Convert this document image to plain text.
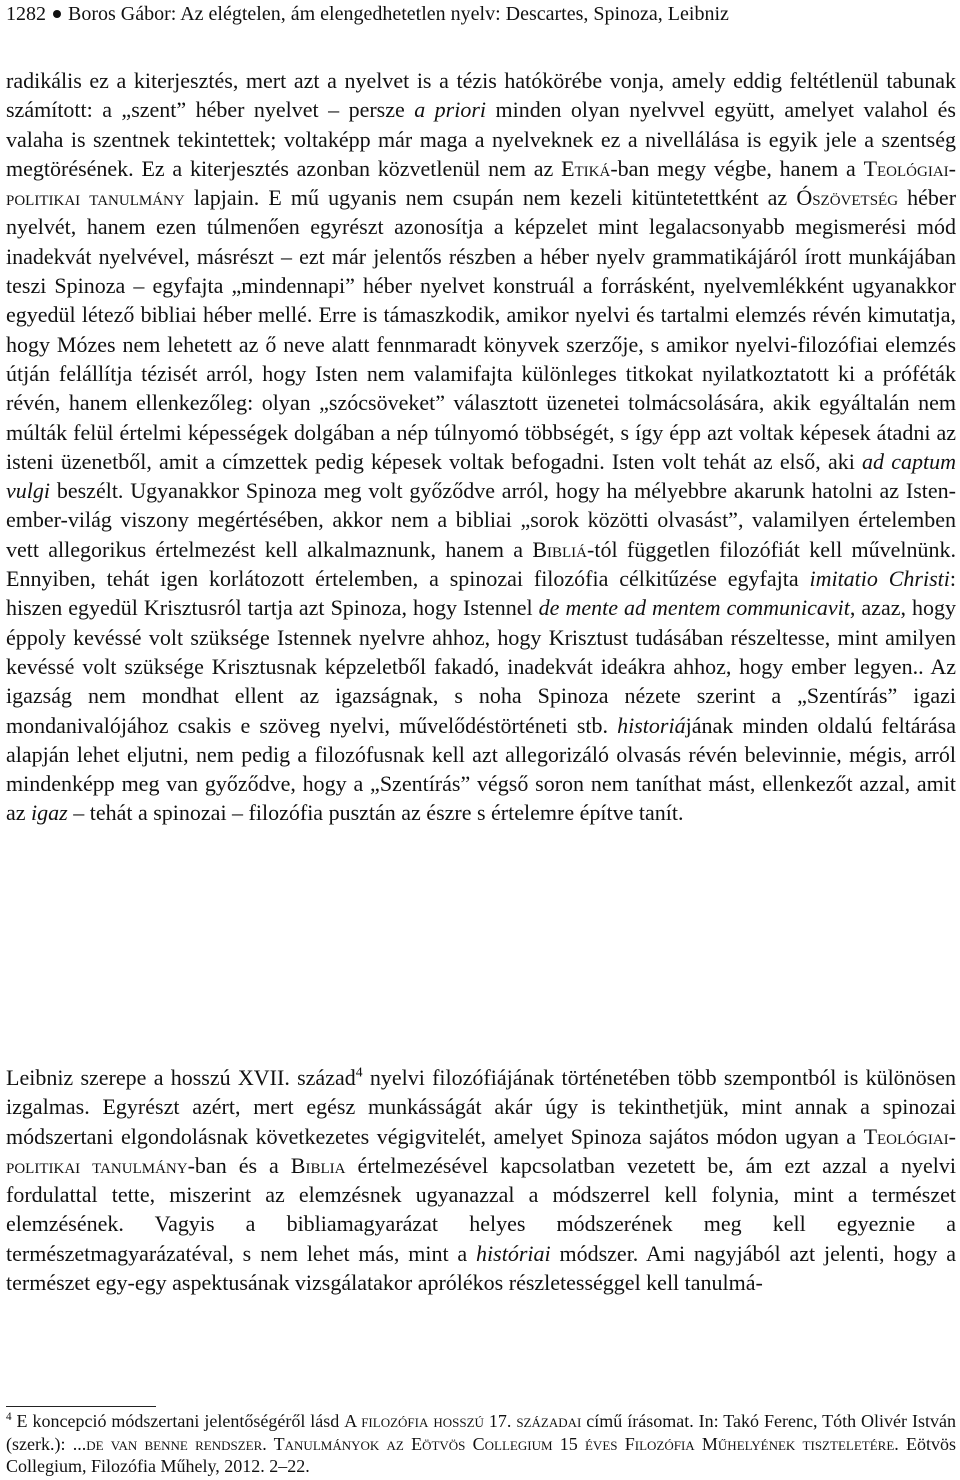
1282 Boros Gábor: Az elégtelen, ám elengedhetetlen nyelv: Descartes, Spinoza, Leibniz
radikális ez a kiterjesztés, mert azt a nyelvet is a tézis hatókörébe vonja, amely eddig feltétlenül tabunak számított: a „szent” héber nyelvet – persze a priori minden olyan nyelvvel együtt, amelyet valahol és valaha is szentnek tekintettek; voltaképp már maga a nyelveknek ez a nivellálása is egyik jele a szentség megtörésének. Ez a kiterjesztés azonban közvetlenül nem az Etiká-ban megy végbe, hanem a Teológiai-politikai tanulmány lapjain. E mű ugyanis nem csupán nem kezeli kitüntetettként az Ószövetség héber nyelvét, hanem ezen túlmenően egyrészt azonosítja a képzelet mint legalacsonyabb megismerési mód inadekvát nyelvével, másrészt – ezt már jelentős részben a héber nyelv grammatikájáról írott munkájában teszi Spinoza – egyfajta „mindennapi” héber nyelvet konstruál a forrásként, nyelvemlékként ugyanakkor egyedül létező bibliai héber mellé. Erre is támaszkodik, amikor nyelvi és tartalmi elemzés révén kimutatja, hogy Mózes nem lehetett az ő neve alatt fennmaradt könyvek szerzője, s amikor nyelvi-filozófiai elemzés útján felállítja tézisét arról, hogy Isten nem valamifajta különleges titkokat nyilatkoztatott ki a próféták révén, hanem ellenkezőleg: olyan „szócsöveket” választott üzenetei tolmácsolására, akik egyáltalán nem múlták felül értelmi képességek dolgában a nép túlnyomó többségét, s így épp azt voltak képesek átadni az isteni üzenetből, amit a címzettek pedig képesek voltak befogadni. Isten volt tehát az első, aki ad captum vulgi beszélt. Ugyanakkor Spinoza meg volt győződve arról, hogy ha mélyebbre akarunk hatolni az Isten-ember-világ viszony megértésében, akkor nem a bibliai „sorok közötti olvasást”, valamilyen értelemben vett allegorikus értelmezést kell alkalmaznunk, hanem a Bibliá-tól független filozófiát kell művelnünk. Ennyiben, tehát igen korlátozott értelemben, a spinozai filozófia célkitűzése egyfajta imitatio Christi: hiszen egyedül Krisztusról tartja azt Spinoza, hogy Istennel de mente ad mentem communicavit, azaz, hogy éppoly kevéssé volt szüksége Istennek nyelvre ahhoz, hogy Krisztust tudásában részeltesse, mint amilyen kevéssé volt szüksége Krisztusnak képzeletből fakadó, inadekvát ideákra ahhoz, hogy ember legyen.. Az igazság nem mondhat ellent az igazságnak, s noha Spinoza nézete szerint a „Szentírás” igazi mondanivalójához csakis e szöveg nyelvi, művelődéstörténeti stb. historiájának minden oldalú feltárása alapján lehet eljutni, nem pedig a filozófusnak kell azt allegorizáló olvasás révén belevinnie, mégis, arról mindenképp meg van győződve, hogy a „Szentírás” végső soron nem taníthat mást, ellenkezőt azzal, amit az igaz – tehát a spinozai – filozófia pusztán az észre s értelemre építve tanít.
Leibniz szerepe a hosszú XVII. század$^4$ nyelvi filozófiájának történetében több szempontból is különösen izgalmas. Egyrészt azért, mert egész munkásságát akár úgy is tekinthetjük, mint annak a spinozai módszertani elgondolásnak következetes végigvitelét, amelyet Spinoza sajátos módon ugyan a Teológiai-politikai tanulmány-ban és a Biblia értelmezésével kapcsolatban vezetett be, ám ezt azzal a nyelvi fordulattal tette, miszerint az elemzésnek ugyanazzal a módszerrel kell folynia, mint a természet elemzésének. Vagyis a bibliamagyarázat helyes módszerének meg kell egyeznie a természetmagyarázatéval, s nem lehet más, mint a históriai módszer. Ami nagyjából azt jelenti, hogy a természet egy-egy aspektusának vizsgálatakor aprólékos részletességgel kell tanulmá-
$^4$ E koncepció módszertani jelentőségéről lásd A filozófia hosszú 17. századai című írásomat. In: Takó Ferenc, Tóth Olivér István (szerk.): ...de van benne rendszer. Tanulmányok az Eötvös Collegium 15 éves Filozófia Műhelyének tiszteletére. Eötvös Collegium, Filozófia Műhely, 2012. 2–22.
